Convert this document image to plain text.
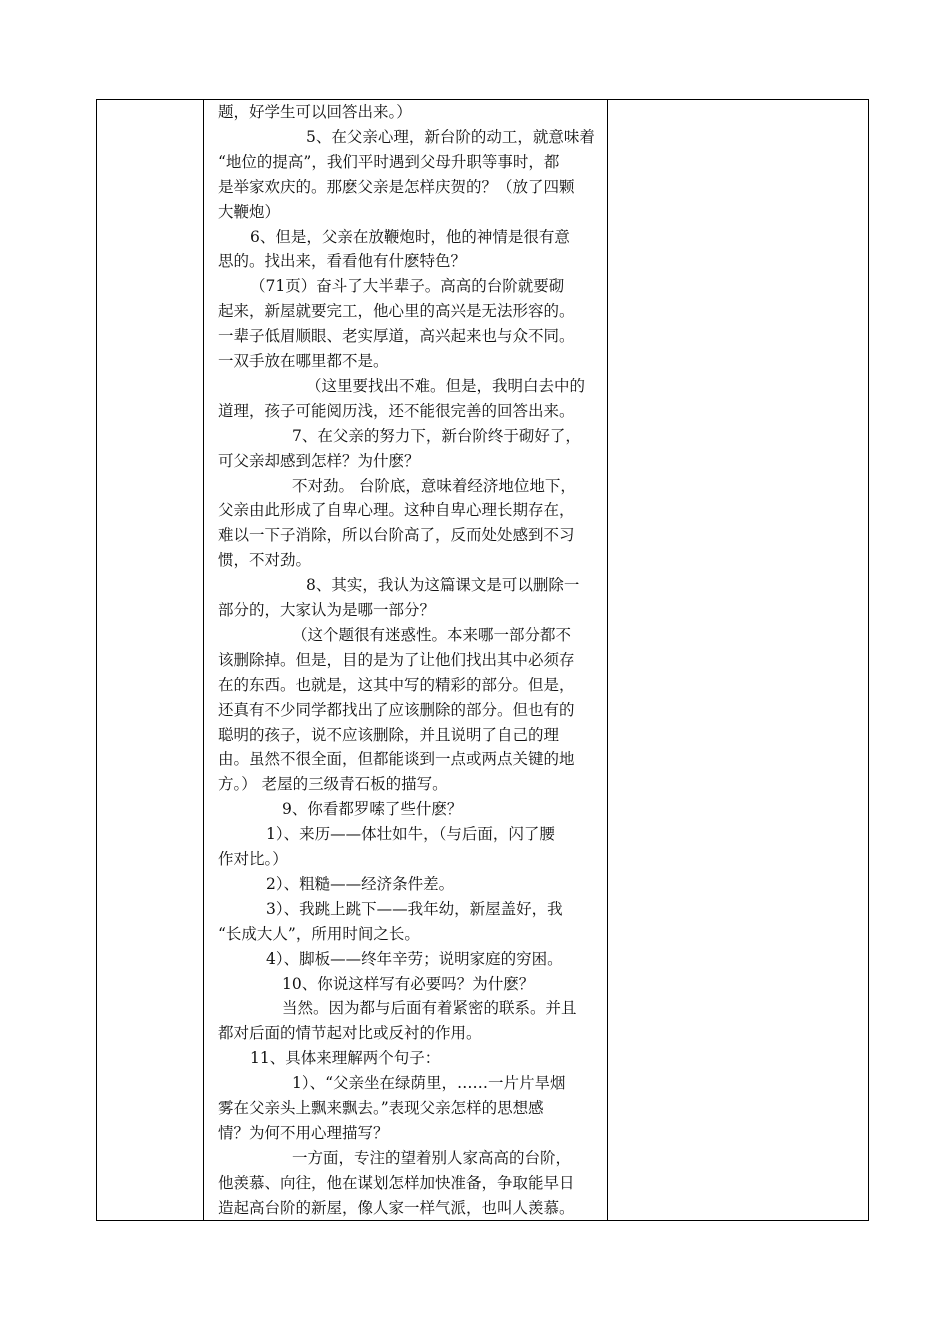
题，好学生可以回答出来。）
5、在父亲心理，新台阶的动工，就意味着
“地位的提高”，我们平时遇到父母升职等事时，都
是举家欢庆的。那麽父亲是怎样庆贺的？（放了四颗
大鞭炮）
6、但是，父亲在放鞭炮时，他的神情是很有意
思的。找出来，看看他有什麽特色？
（71页）奋斗了大半辈子。高高的台阶就要砌
起来，新屋就要完工，他心里的高兴是无法形容的。
一辈子低眉顺眼、老实厚道，高兴起来也与众不同。
一双手放在哪里都不是。
（这里要找出不难。但是，我明白去中的
道理，孩子可能阅历浅，还不能很完善的回答出来。
7、在父亲的努力下，新台阶终于砌好了，
可父亲却感到怎样？为什麽？
不对劲。 台阶底，意味着经济地位地下，
父亲由此形成了自卑心理。这种自卑心理长期存在，
难以一下子消除，所以台阶高了，反而处处感到不习
惯，不对劲。
8、其实，我认为这篇课文是可以删除一
部分的，大家认为是哪一部分？
（这个题很有迷惑性。本来哪一部分都不
该删除掉。但是，目的是为了让他们找出其中必须存
在的东西。也就是，这其中写的精彩的部分。但是，
还真有不少同学都找出了应该删除的部分。但也有的
聪明的孩子，说不应该删除，并且说明了自己的理
由。虽然不很全面，但都能谈到一点或两点关键的地
方。） 老屋的三级青石板的描写。
9、你看都罗嗦了些什麽？
1）、来历——体壮如牛，（与后面，闪了腰
作对比。）
2）、粗糙——经济条件差。
3）、我跳上跳下——我年幼，新屋盖好，我
“长成大人”，所用时间之长。
4）、脚板——终年辛劳；说明家庭的穷困。
10、你说这样写有必要吗？为什麽？
当然。因为都与后面有着紧密的联系。并且
都对后面的情节起对比或反衬的作用。
11、具体来理解两个句子：
1）、“父亲坐在绿荫里，……一片片旱烟
雾在父亲头上飘来飘去。”表现父亲怎样的思想感
情？为何不用心理描写？
一方面，专注的望着别人家高高的台阶，
他羡慕、向往，他在谋划怎样加快准备，争取能早日
造起高台阶的新屋，像人家一样气派，也叫人羡慕。
